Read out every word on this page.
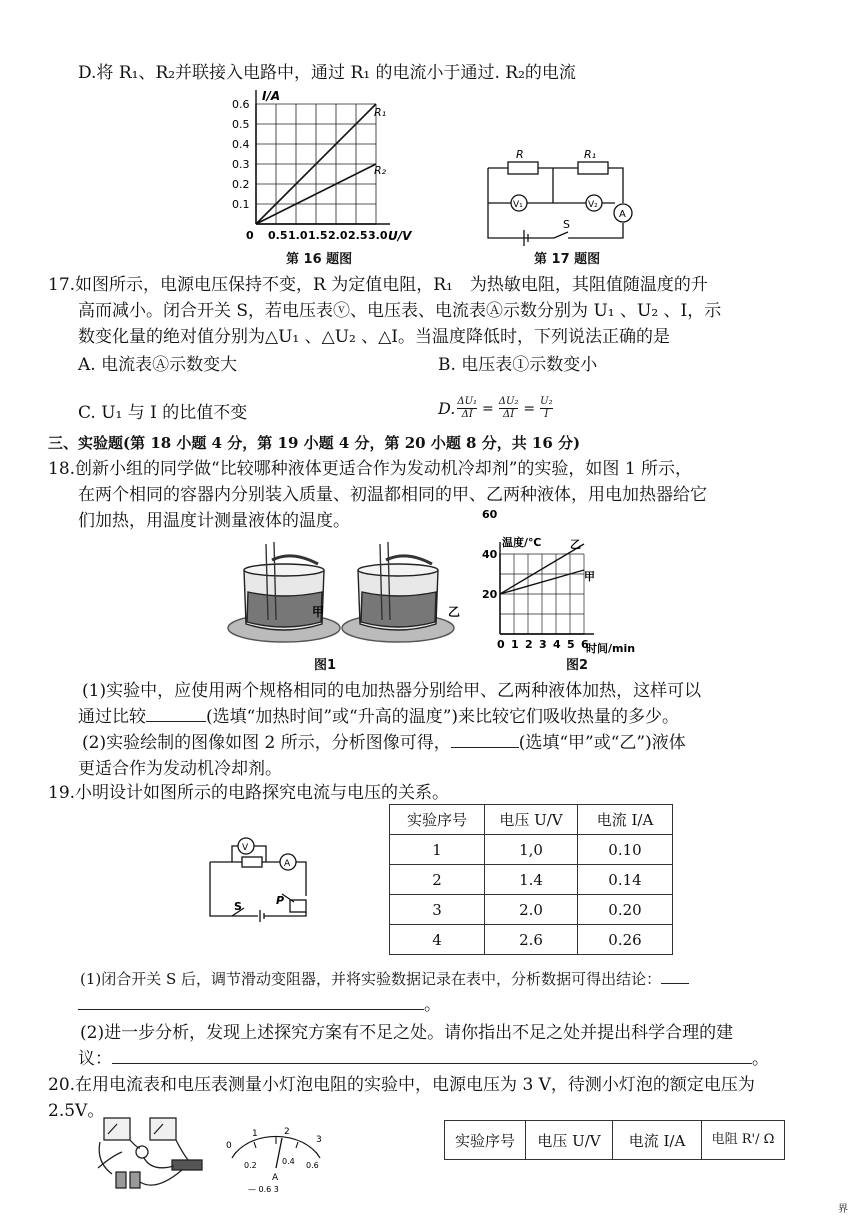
D.将 R₁、R₂并联接入电路中，通过 R₁ 的电流小于通过. R₂的电流
0.6
0.5
0.4
0.3
0.2
0.1
0 0.5 1.0 1.5 2.0 2.5 3.0
I/A
U/V
R₁
R₂
第 16 题图
R	R₁
V₁	V₂
A
S
第 17 题图
17.如图所示，电源电压保持不变，R 为定值电阻，R₁　为热敏电阻，其阻值随温度的升
高而减小。闭合开关 S，若电压表ⓥ、电压表、电流表Ⓐ示数分别为 U₁ 、U₂ 、I，示
数变化量的绝对值分别为△U₁ 、△U₂ 、△I。当温度降低时，下列说法正确的是
A. 电流表Ⓐ示数变大	B. 电压表①示数变小
C. U₁ 与 I 的比值不变	D. $\frac{\text{ΔU₁}}{\Delta I} = \frac{\text{ΔU₂}}{\Delta I} = \frac{\text{U₂}}{I}$
三、实验题(第 18 小题 4 分，第 19 小题 4 分，第 20 小题 8 分，共 16 分)
18.创新小组的同学做“比较哪种液体更适合作为发动机冷却剂”的实验，如图 1 所示，
在两个相同的容器内分别装入质量、初温都相同的甲、乙两种液体，用电加热器给它
们加热，用温度计测量液体的温度。
甲	乙
图1
60
40
20
0 1 2 3 4 5 6
温度/℃
时间/min
乙
甲
图2
(1)实验中，应使用两个规格相同的电加热器分别给甲、乙两种液体加热，这样可以
通过比较	(选填“加热时间”或“升高的温度”)来比较它们吸收热量的多少。
(2)实验绘制的图像如图 2 所示，分析图像可得，	(选填“甲”或“乙”)液体
更适合作为发动机冷却剂。
19.小明设计如图所示的电路探究电流与电压的关系。
V
A
S	P
实验序号	电压 U/V	电流 I/A
1	1,0	0.10
2	1.4	0.14
3	2.0	0.20
4	2.6	0.26
(1)闭合开关 S 后，调节滑动变阻器，并将实验数据记录在表中，分析数据可得出结论：
。
(2)进一步分析，发现上述探究方案有不足之处。请你指出不足之处并提出科学合理的建
议：	。
20.在用电流表和电压表测量小灯泡电阻的实验中，电源电压为 3 V，待测小灯泡的额定电压为
2.5V。
0
1	2
3
0.2	0.4 0.6
A
— 0.6 3
实验序号	电压 U/V	电流 I/A	电阻 R'/ Ω
界
